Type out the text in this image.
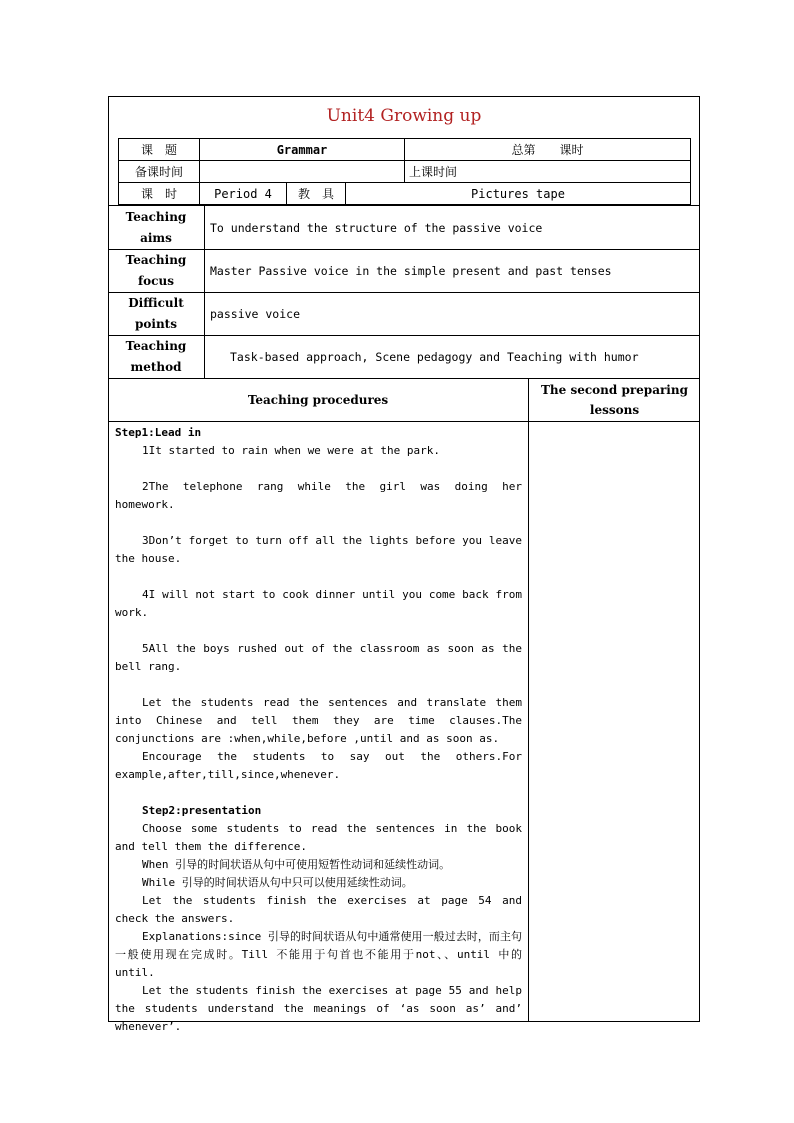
Unit4 Growing up
课　题	Grammar			总第　　课时
备课时间				上课时间
课　时	Period 4	教　具	Pictures tape	
Teaching aims
To understand the structure of the passive voice
Teaching focus
Master Passive voice in the simple present and past tenses
Difficult points
passive voice
Teaching method
Task-based approach, Scene pedagogy and Teaching with humor
Teaching procedures
The second preparing lessons

Step1:Lead in

1It started to rain when we were at the park.

2The telephone rang while the girl was doing her homework.

3Don’t forget to turn off all the lights before you leave the house.

4I will not start to cook dinner until you come back from work.

5All the boys rushed out of the classroom as soon as the bell rang.

Let the students read the sentences and translate them into Chinese and tell them they are time clauses.The conjunctions are :when,while,before ,until and as soon as.

Encourage the students to say out the others.For example,after,till,since,whenever.

Step2:presentation

Choose some students to read the sentences in the book and tell them the difference.

When 引导的时间状语从句中可使用短暂性动词和延续性动词。

While 引导的时间状语从句中只可以使用延续性动词。

Let the students finish the exercises at page 54 and check the answers.

Explanations:since 引导的时间状语从句中通常使用一般过去时，而主句一般使用现在完成时。Till 不能用于句首也不能用于not、、until 中的 until.

Let the students finish the exercises at page 55 and help the students understand the meanings of ‘as soon as’ and’ whenever’.
